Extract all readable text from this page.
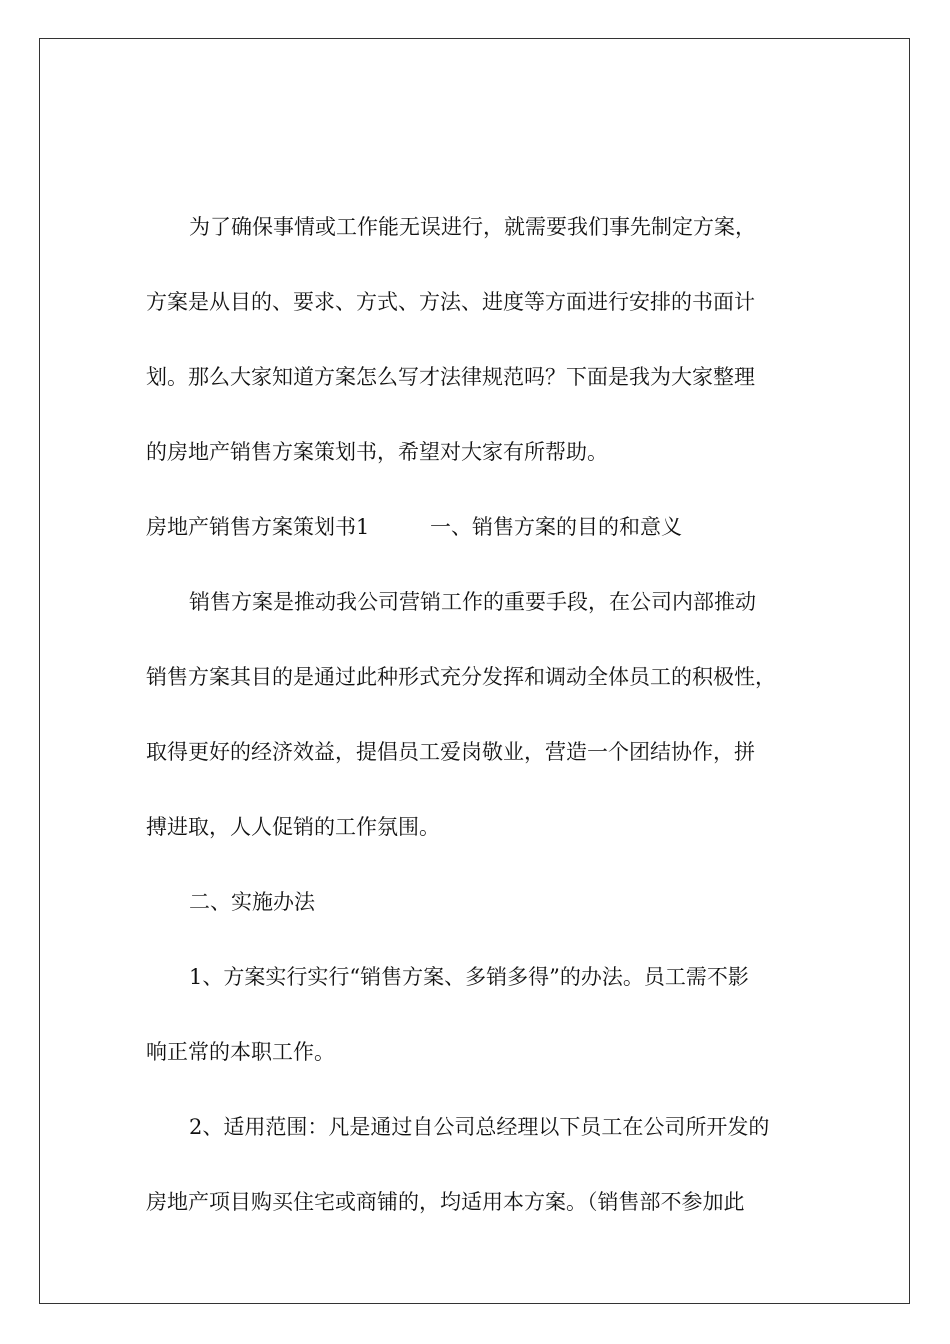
为了确保事情或工作能无误进行，就需要我们事先制定方案，
方案是从目的、要求、方式、方法、进度等方面进行安排的书面计
划。那么大家知道方案怎么写才法律规范吗？下面是我为大家整理
的房地产销售方案策划书，希望对大家有所帮助。
房地产销售方案策划书1	一、销售方案的目的和意义
销售方案是推动我公司营销工作的重要手段，在公司内部推动
销售方案其目的是通过此种形式充分发挥和调动全体员工的积极性，
取得更好的经济效益，提倡员工爱岗敬业，营造一个团结协作，拼
搏进取，人人促销的工作氛围。
二、实施办法
1、方案实行实行“销售方案、多销多得”的办法。员工需不影
响正常的本职工作。
2、适用范围：凡是通过自公司总经理以下员工在公司所开发的
房地产项目购买住宅或商铺的，均适用本方案。（销售部不参加此
